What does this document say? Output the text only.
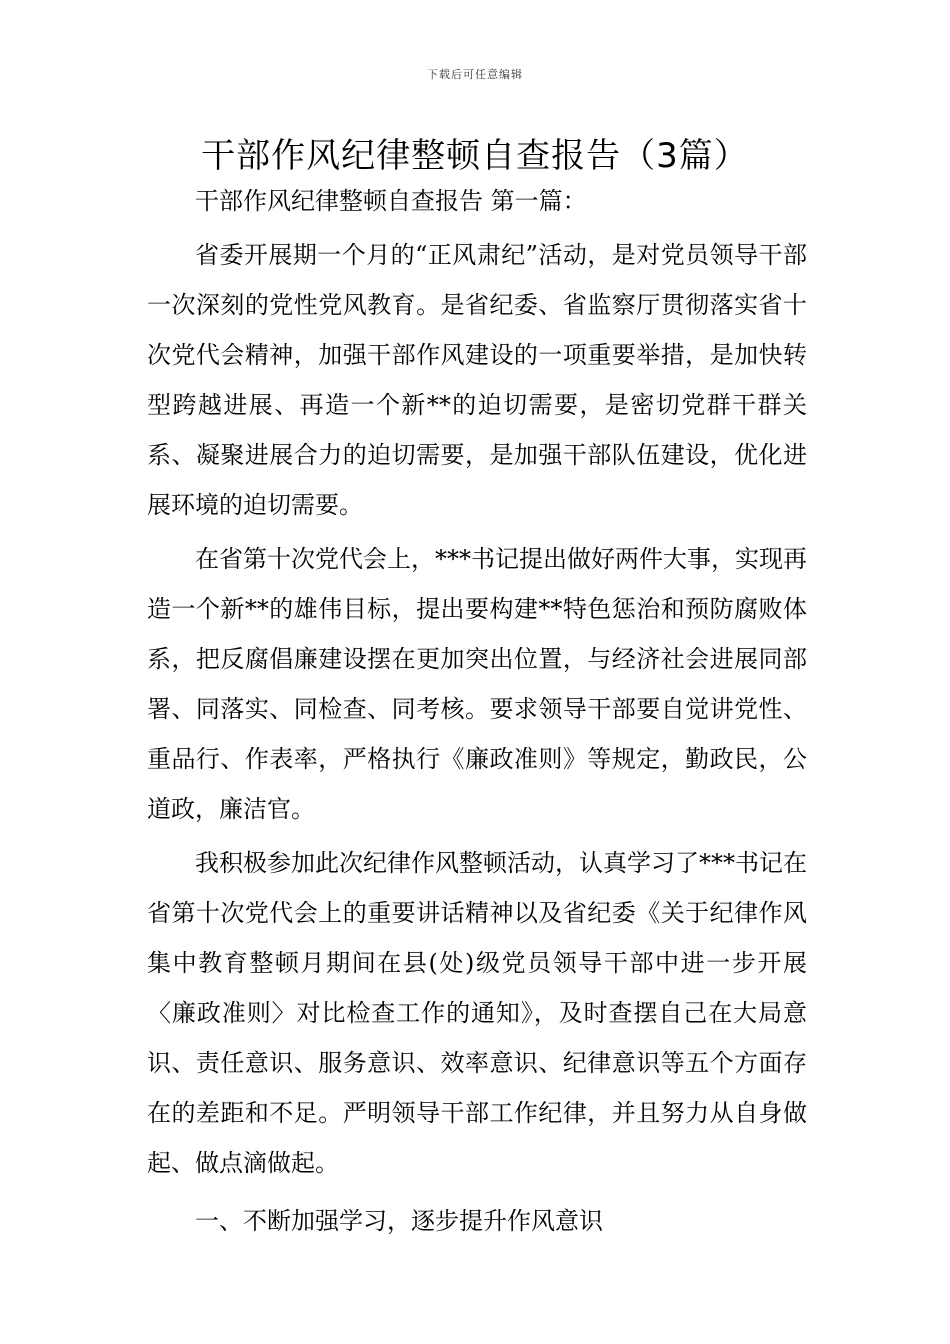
下载后可任意编辑
干部作风纪律整顿自查报告（3篇）

干部作风纪律整顿自查报告 第一篇：

省委开展期一个月的“正风肃纪”活动，是对党员领导干部一次深刻的党性党风教育。是省纪委、省监察厅贯彻落实省十次党代会精神，加强干部作风建设的一项重要举措，是加快转型跨越进展、再造一个新**的迫切需要，是密切党群干群关系、凝聚进展合力的迫切需要，是加强干部队伍建设，优化进展环境的迫切需要。

在省第十次党代会上，***书记提出做好两件大事，实现再造一个新**的雄伟目标，提出要构建**特色惩治和预防腐败体系，把反腐倡廉建设摆在更加突出位置，与经济社会进展同部署、同落实、同检查、同考核。要求领导干部要自觉讲党性、重品行、作表率，严格执行《廉政准则》等规定，勤政民，公道政，廉洁官。

我积极参加此次纪律作风整顿活动，认真学习了***书记在省第十次党代会上的重要讲话精神以及省纪委《关于纪律作风集中教育整顿月期间在县(处)级党员领导干部中进一步开展〈廉政准则〉对比检查工作的通知》，及时查摆自己在大局意识、责任意识、服务意识、效率意识、纪律意识等五个方面存在的差距和不足。严明领导干部工作纪律，并且努力从自身做起、做点滴做起。

一、不断加强学习，逐步提升作风意识
